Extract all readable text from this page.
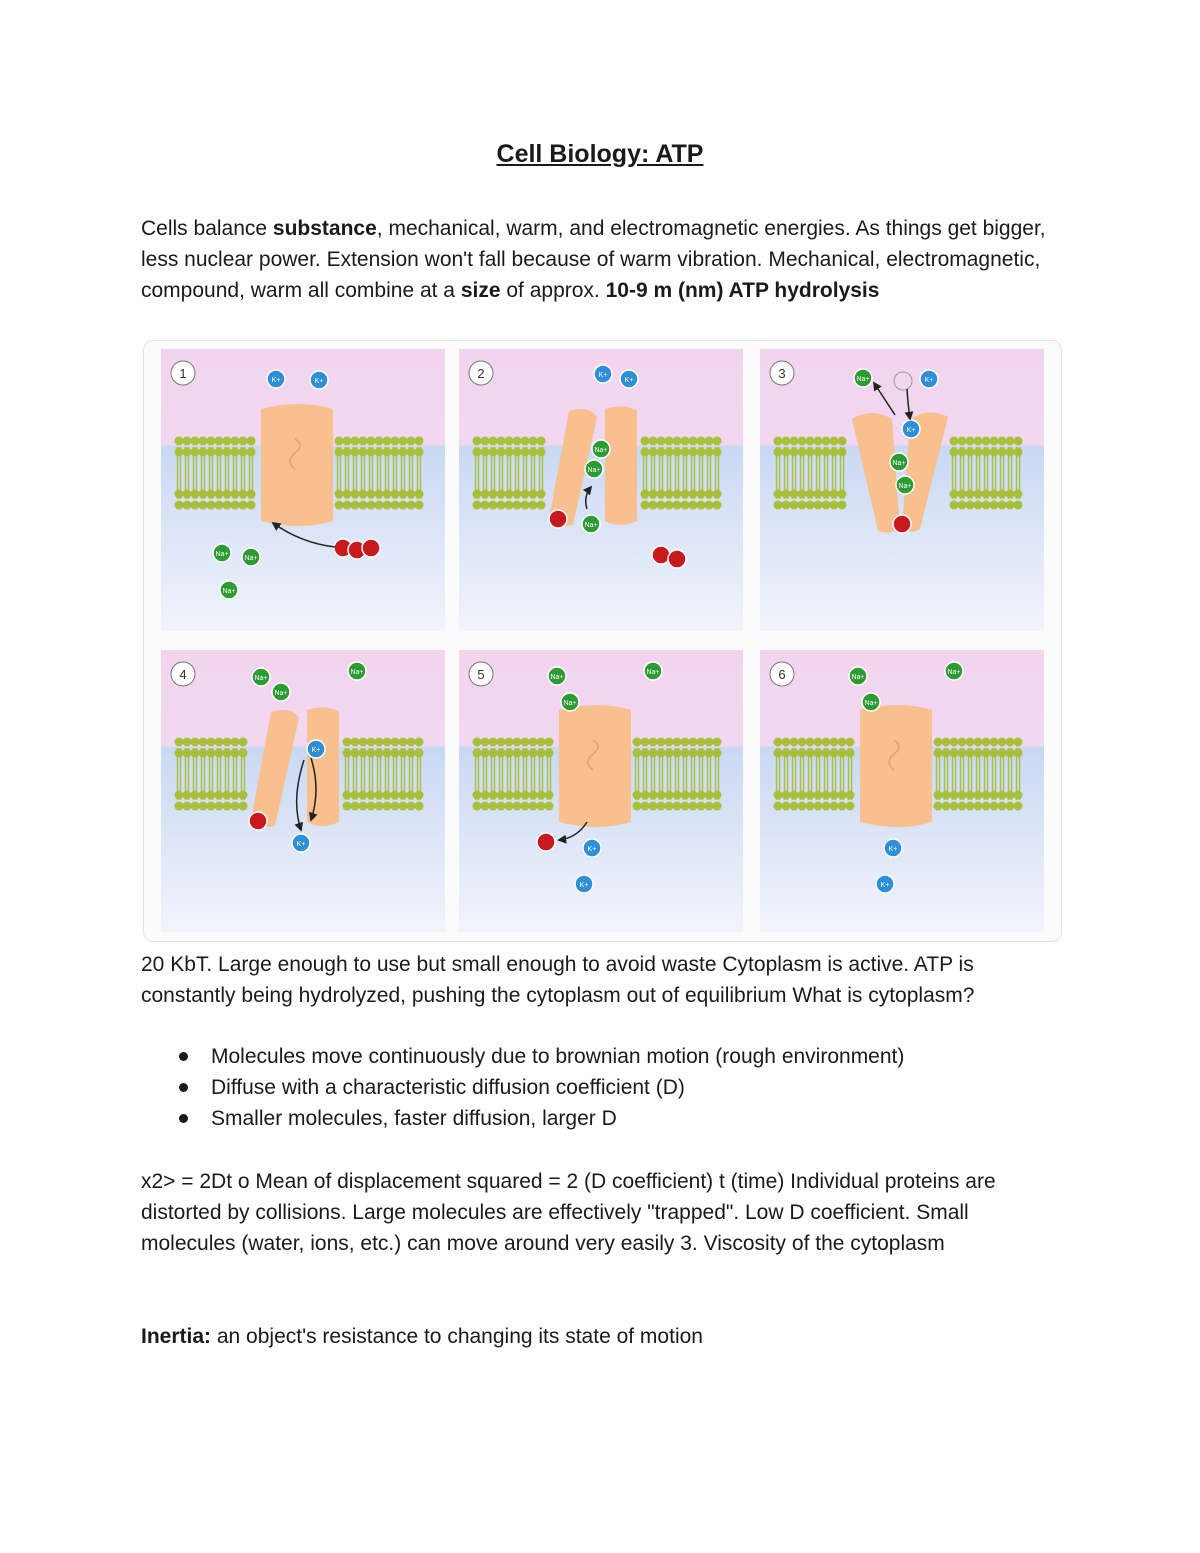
Cell Biology: ATP

Cells balance substance, mechanical, warm, and electromagnetic energies. As things get bigger, less nuclear power. Extension won't fall because of warm vibration. Mechanical, electromagnetic, compound, warm all combine at a size of approx. 10-9 m (nm) ATP hydrolysis

K+	K+
Na+
Na+
Na+
1	K+
K+
Na+
Na+
Na+
2	Na+	K+
K+
Na+
Na+
3
Na+
Na+
Na+
K+
K+
4	Na+
Na+
Na+
K+
K+
5	Na+
Na+
Na+
K+
K+
6

20 KbT. Large enough to use but small enough to avoid waste Cytoplasm is active. ATP is constantly being hydrolyzed, pushing the cytoplasm out of equilibrium What is cytoplasm?

Molecules move continuously due to brownian motion (rough environment)
Diffuse with a characteristic diffusion coefficient (D)
Smaller molecules, faster diffusion, larger D

x2> = 2Dt o Mean of displacement squared = 2 (D coefficient) t (time) Individual proteins are distorted by collisions. Large molecules are effectively "trapped". Low D coefficient. Small molecules (water, ions, etc.) can move around very easily 3. Viscosity of the cytoplasm

Inertia: an object's resistance to changing its state of motion
